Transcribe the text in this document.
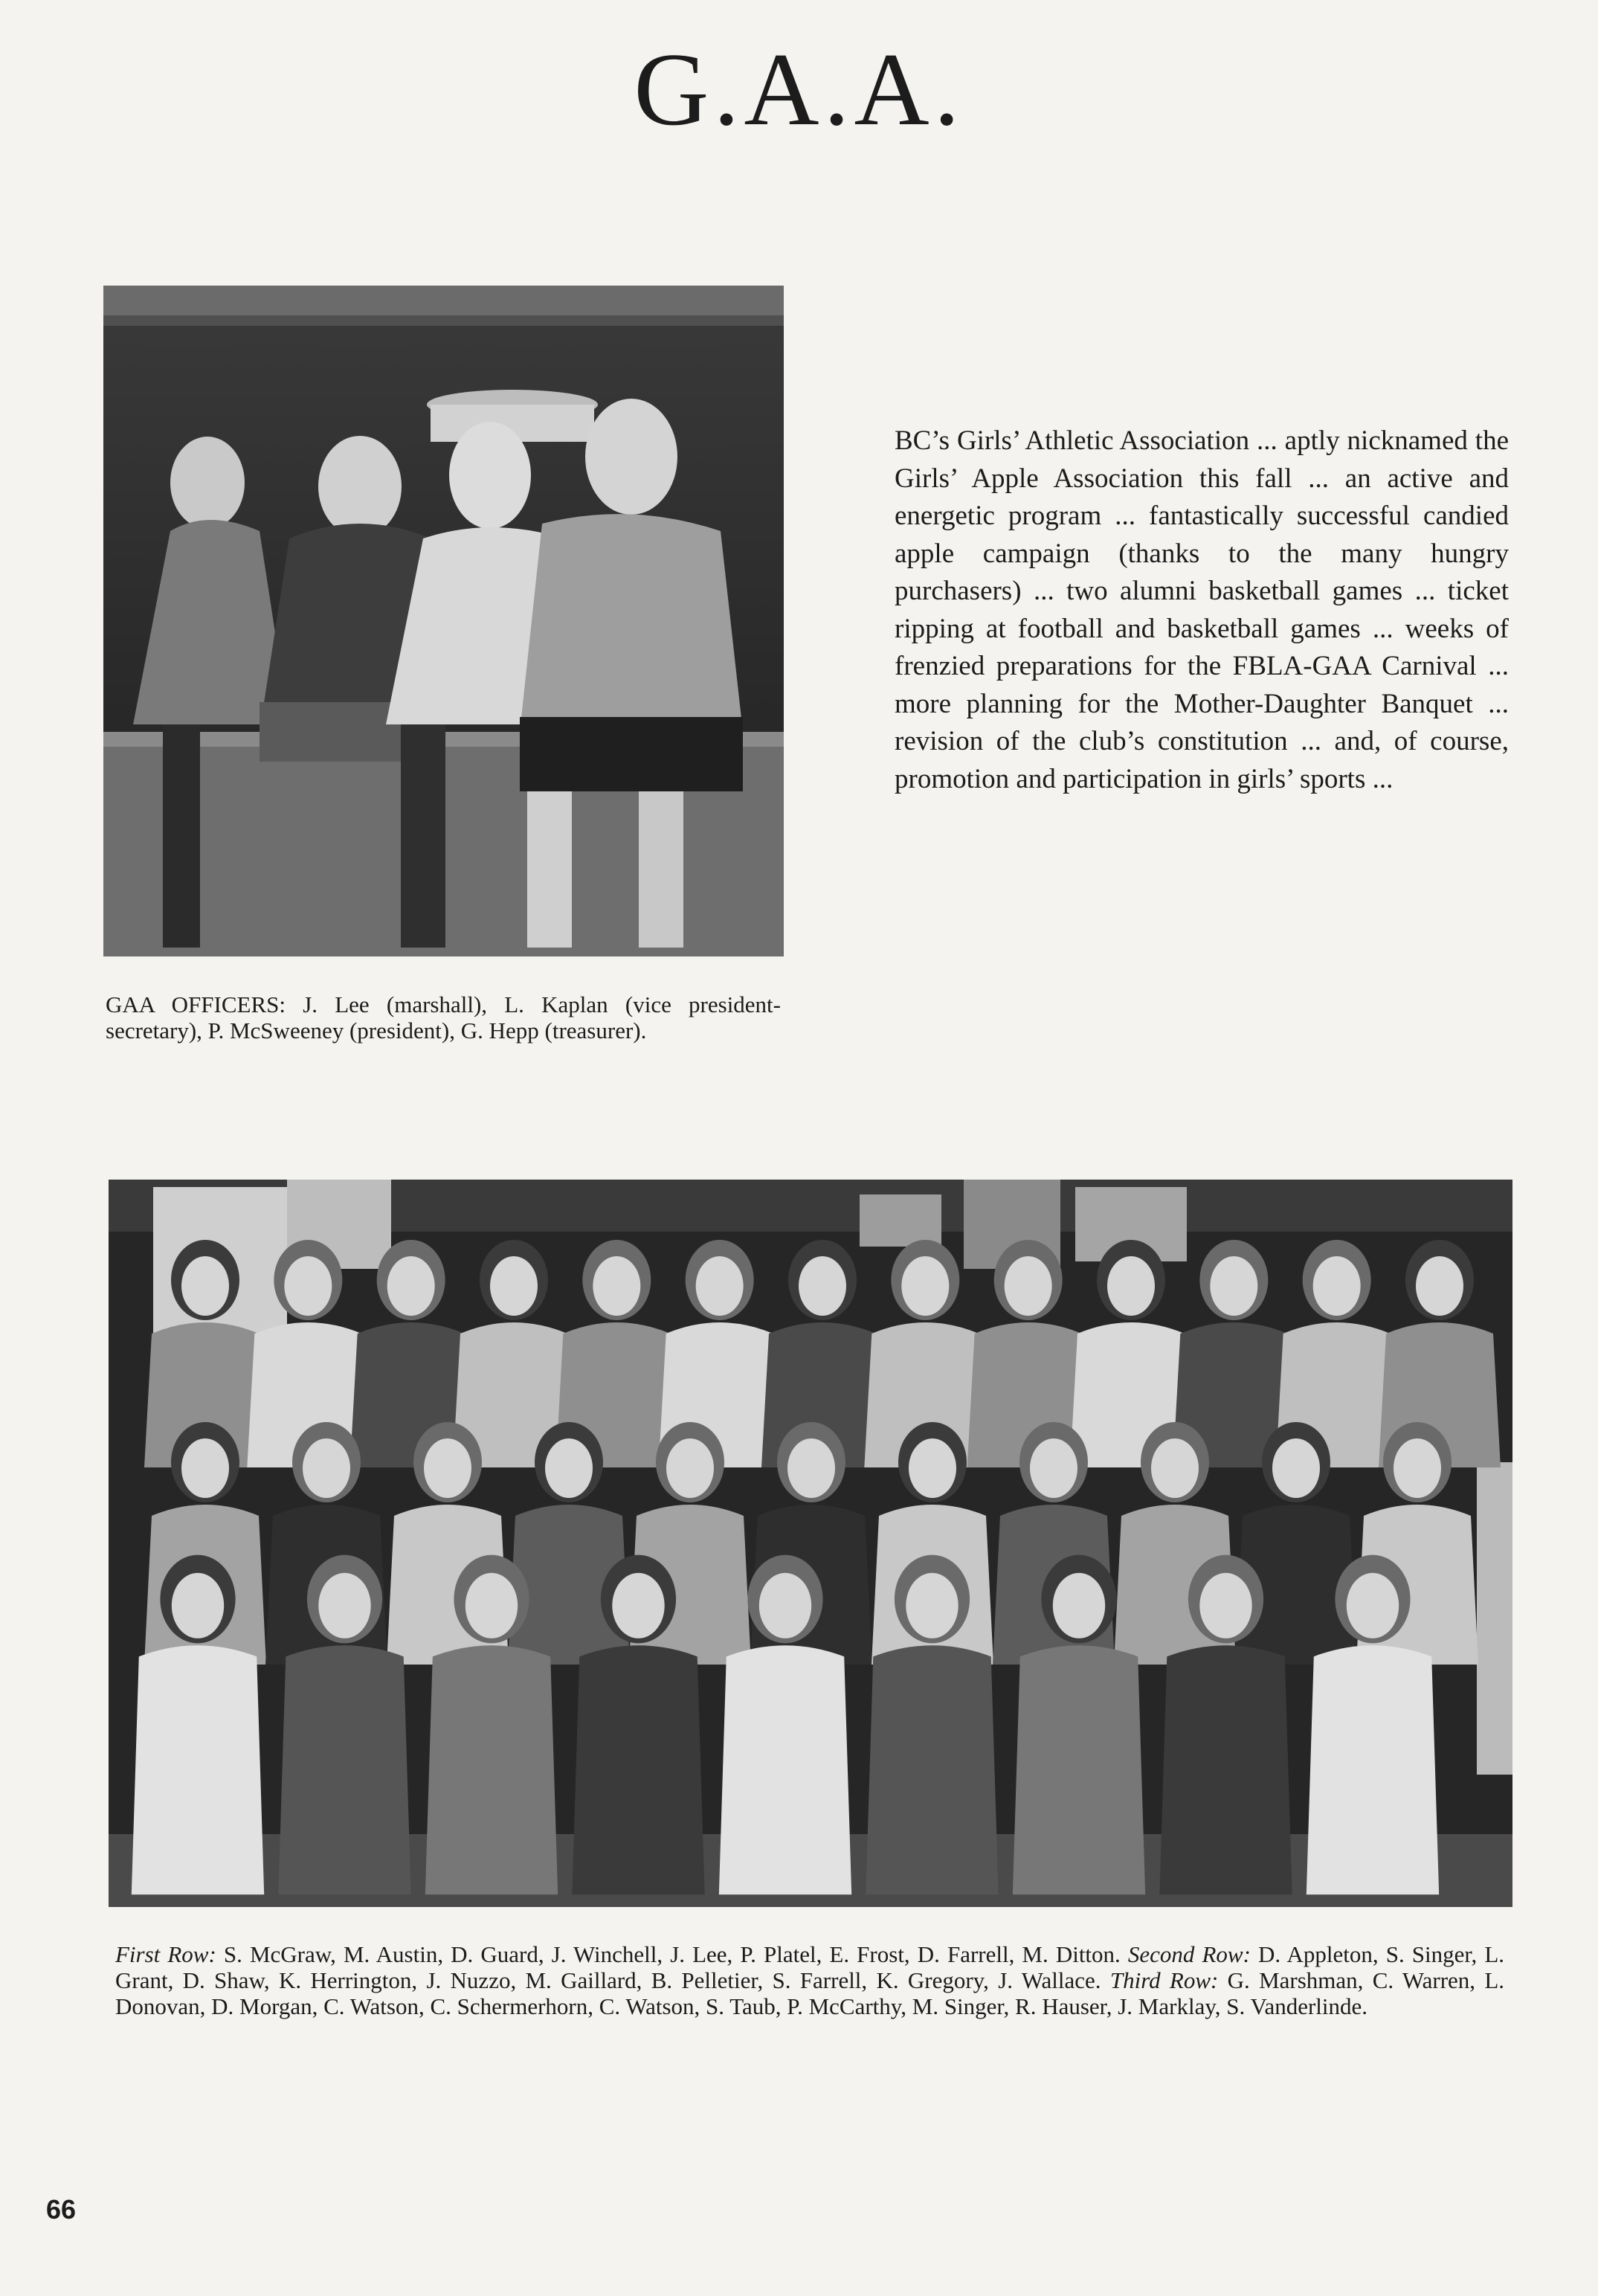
G.A.A.

BC’s Girls’ Athletic Association ... aptly nicknamed the Girls’ Apple Association this fall ... an active and energetic program ... fantastically successful candied apple campaign (thanks to the many hungry purchasers) ... two alumni basketball games ... ticket ripping at football and basketball games ... weeks of frenzied preparations for the FBLA-GAA Carnival ... more planning for the Mother-Daughter Banquet ... revision of the club’s constitution ... and, of course, promotion and participation in girls’ sports ...

GAA OFFICERS: J. Lee (marshall), L. Kaplan (vice president-secretary), P. McSweeney (president), G. Hepp (treasurer).

First Row: S. McGraw, M. Austin, D. Guard, J. Winchell, J. Lee, P. Platel, E. Frost, D. Farrell, M. Ditton. Second Row: D. Appleton, S. Singer, L. Grant, D. Shaw, K. Herrington, J. Nuzzo, M. Gaillard, B. Pelletier, S. Farrell, K. Gregory, J. Wallace. Third Row: G. Marshman, C. Warren, L. Donovan, D. Morgan, C. Watson, C. Schermerhorn, C. Watson, S. Taub, P. McCarthy, M. Singer, R. Hauser, J. Marklay, S. Vanderlinde.

66
